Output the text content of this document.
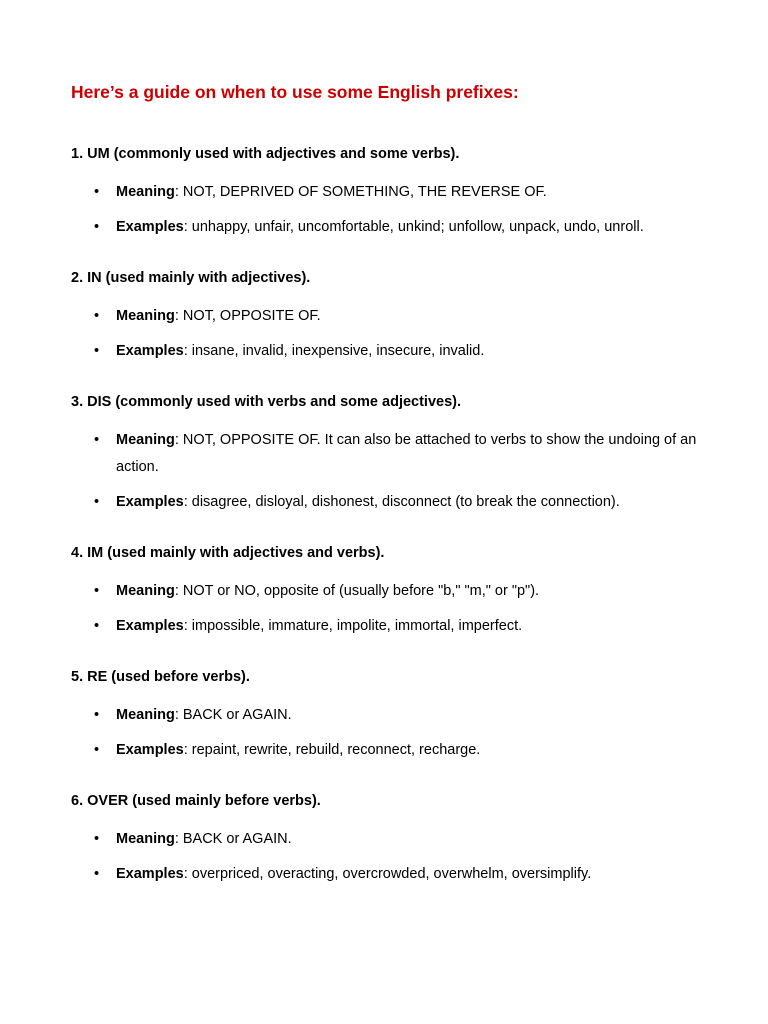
Here’s a guide on when to use some English prefixes:
1. UM (commonly used with adjectives and some verbs).
• Meaning: NOT, DEPRIVED OF SOMETHING, THE REVERSE OF.
• Examples: unhappy, unfair, uncomfortable, unkind; unfollow, unpack, undo, unroll.
2. IN (used mainly with adjectives).
• Meaning: NOT, OPPOSITE OF.
• Examples: insane, invalid, inexpensive, insecure, invalid.
3. DIS (commonly used with verbs and some adjectives).
• Meaning: NOT, OPPOSITE OF. It can also be attached to verbs to show the undoing of an action.
• Examples: disagree, disloyal, dishonest, disconnect (to break the connection).
4. IM (used mainly with adjectives and verbs).
• Meaning: NOT or NO, opposite of (usually before "b," "m," or "p").
• Examples: impossible, immature, impolite, immortal, imperfect.
5. RE (used before verbs).
• Meaning: BACK or AGAIN.
• Examples: repaint, rewrite, rebuild, reconnect, recharge.
6. OVER (used mainly before verbs).
• Meaning: BACK or AGAIN.
• Examples: overpriced, overacting, overcrowded, overwhelm, oversimplify.
